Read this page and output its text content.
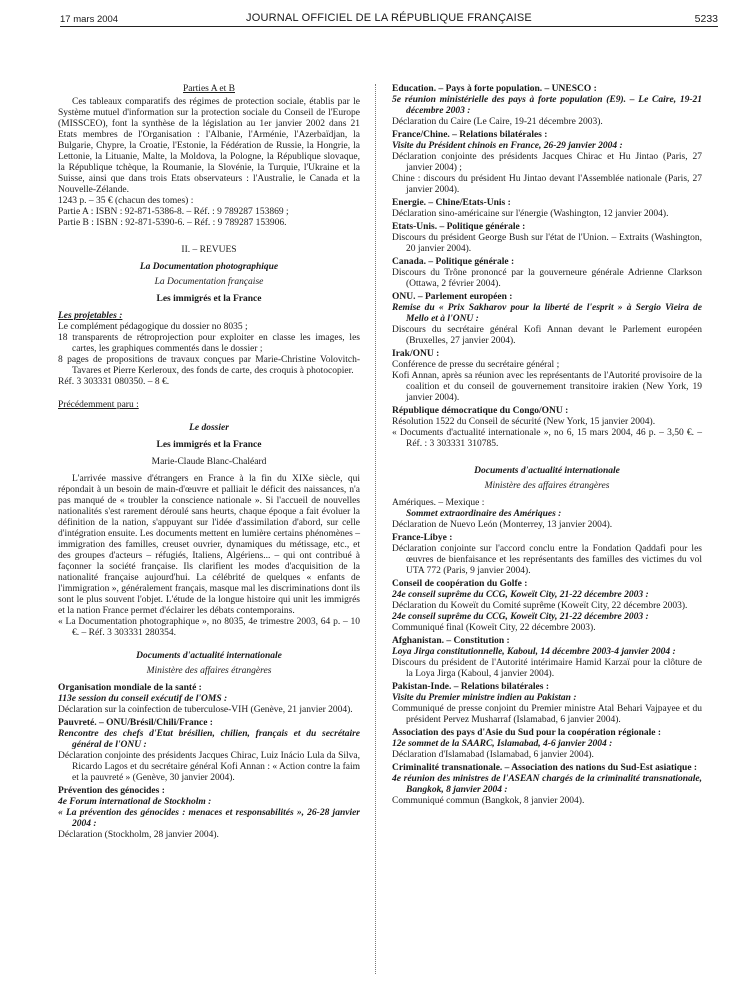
17 mars 2004	JOURNAL OFFICIEL DE LA RÉPUBLIQUE FRANÇAISE	5233

Parties A et B

Ces tableaux comparatifs des régimes de protection sociale, établis par le Système mutuel d'information sur la protection sociale du Conseil de l'Europe (MISSCEO), font la synthèse de la législation au 1er janvier 2002 dans 21 Etats membres de l'Organisation : l'Albanie, l'Arménie, l'Azerbaïdjan, la Bulgarie, Chypre, la Croatie, l'Estonie, la Fédération de Russie, la Hongrie, la Lettonie, la Lituanie, Malte, la Moldova, la Pologne, la République slovaque, la République tchèque, la Roumanie, la Slovénie, la Turquie, l'Ukraine et la Suisse, ainsi que dans trois Etats observateurs : l'Australie, le Canada et la Nouvelle-Zélande.

1243 p. – 35 € (chacun des tomes) :

Partie A : ISBN : 92-871-5386-8. – Réf. : 9 789287 153869 ;

Partie B : ISBN : 92-871-5390-6. – Réf. : 9 789287 153906.

II. – REVUES

La Documentation photographique

La Documentation française

Les immigrés et la France

Les projetables :

Le complément pédagogique du dossier no 8035 ;

18 transparents de rétroprojection pour exploiter en classe les images, les cartes, les graphiques commentés dans le dossier ;

8 pages de propositions de travaux conçues par Marie-Christine Volovitch-Tavares et Pierre Kerleroux, des fonds de carte, des croquis à photocopier.

Réf. 3 303331 080350. – 8 €.

Précédemment paru :

Le dossier

Les immigrés et la France

Marie-Claude Blanc-Chaléard

L'arrivée massive d'étrangers en France à la fin du XIXe siècle, qui répondait à un besoin de main-d'œuvre et palliait le déficit des naissances, n'a pas manqué de « troubler la conscience nationale ». Si l'accueil de nouvelles nationalités s'est rarement déroulé sans heurts, chaque époque a fait évoluer la définition de la nation, s'appuyant sur l'idée d'assimilation d'abord, sur celle d'intégration ensuite. Les documents mettent en lumière certains phénomènes – immigration des familles, creuset ouvrier, dynamiques du métissage, etc., et des groupes d'acteurs – réfugiés, Italiens, Algériens... – qui ont contribué à façonner la société française. Ils clarifient les modes d'acquisition de la nationalité française aujourd'hui. La célébrité de quelques « enfants de l'immigration », généralement français, masque mal les discriminations dont ils sont le plus souvent l'objet. L'étude de la longue histoire qui unit les immigrés et la nation France permet d'éclairer les débats contemporains.

« La Documentation photographique », no 8035, 4e trimestre 2003, 64 p. – 10 €. – Réf. 3 303331 280354.

Documents d'actualité internationale

Ministère des affaires étrangères

Organisation mondiale de la santé :

113e session du conseil exécutif de l'OMS :

Déclaration sur la coinfection de tuberculose-VIH (Genève, 21 janvier 2004).

Pauvreté. – ONU/Brésil/Chili/France :

Rencontre des chefs d'Etat brésilien, chilien, français et du secrétaire général de l'ONU :

Déclaration conjointe des présidents Jacques Chirac, Luiz Inácio Lula da Silva, Ricardo Lagos et du secrétaire général Kofi Annan : « Action contre la faim et la pauvreté » (Genève, 30 janvier 2004).

Prévention des génocides :

4e Forum international de Stockholm :

« La prévention des génocides : menaces et responsabilités », 26-28 janvier 2004 :

Déclaration (Stockholm, 28 janvier 2004).

Education. – Pays à forte population. – UNESCO :

5e réunion ministérielle des pays à forte population (E9). – Le Caire, 19-21 décembre 2003 :

Déclaration du Caire (Le Caire, 19-21 décembre 2003).

France/Chine. – Relations bilatérales :

Visite du Président chinois en France, 26-29 janvier 2004 :

Déclaration conjointe des présidents Jacques Chirac et Hu Jintao (Paris, 27 janvier 2004) ;

Chine : discours du président Hu Jintao devant l'Assemblée nationale (Paris, 27 janvier 2004).

Energie. – Chine/Etats-Unis :

Déclaration sino-américaine sur l'énergie (Washington, 12 janvier 2004).

Etats-Unis. – Politique générale :

Discours du président George Bush sur l'état de l'Union. – Extraits (Washington, 20 janvier 2004).

Canada. – Politique générale :

Discours du Trône prononcé par la gouverneure générale Adrienne Clarkson (Ottawa, 2 février 2004).

ONU. – Parlement européen :

Remise du « Prix Sakharov pour la liberté de l'esprit » à Sergio Vieira de Mello et à l'ONU :

Discours du secrétaire général Kofi Annan devant le Parlement européen (Bruxelles, 27 janvier 2004).

Irak/ONU :

Conférence de presse du secrétaire général ;

Kofi Annan, après sa réunion avec les représentants de l'Autorité provisoire de la coalition et du conseil de gouvernement transitoire irakien (New York, 19 janvier 2004).

République démocratique du Congo/ONU :

Résolution 1522 du Conseil de sécurité (New York, 15 janvier 2004).

« Documents d'actualité internationale », no 6, 15 mars 2004, 46 p. – 3,50 €. – Réf. : 3 303331 310785.

Documents d'actualité internationale

Ministère des affaires étrangères

Amériques. – Mexique :

Sommet extraordinaire des Amériques :

Déclaration de Nuevo León (Monterrey, 13 janvier 2004).

France-Libye :

Déclaration conjointe sur l'accord conclu entre la Fondation Qaddafi pour les œuvres de bienfaisance et les représentants des familles des victimes du vol UTA 772 (Paris, 9 janvier 2004).

Conseil de coopération du Golfe :

24e conseil suprême du CCG, Koweït City, 21-22 décembre 2003 :

Déclaration du Koweït du Comité suprême (Koweït City, 22 décembre 2003).

24e conseil suprême du CCG, Koweït City, 21-22 décembre 2003 :

Communiqué final (Koweït City, 22 décembre 2003).

Afghanistan. – Constitution :

Loya Jirga constitutionnelle, Kaboul, 14 décembre 2003-4 janvier 2004 :

Discours du président de l'Autorité intérimaire Hamid Karzaï pour la clôture de la Loya Jirga (Kaboul, 4 janvier 2004).

Pakistan-Inde. – Relations bilatérales :

Visite du Premier ministre indien au Pakistan :

Communiqué de presse conjoint du Premier ministre Atal Behari Vajpayee et du président Pervez Musharraf (Islamabad, 6 janvier 2004).

Association des pays d'Asie du Sud pour la coopération régionale :

12e sommet de la SAARC, Islamabad, 4-6 janvier 2004 :

Déclaration d'Islamabad (Islamabad, 6 janvier 2004).

Criminalité transnationale. – Association des nations du Sud-Est asiatique :

4e réunion des ministres de l'ASEAN chargés de la criminalité transnationale, Bangkok, 8 janvier 2004 :

Communiqué commun (Bangkok, 8 janvier 2004).
